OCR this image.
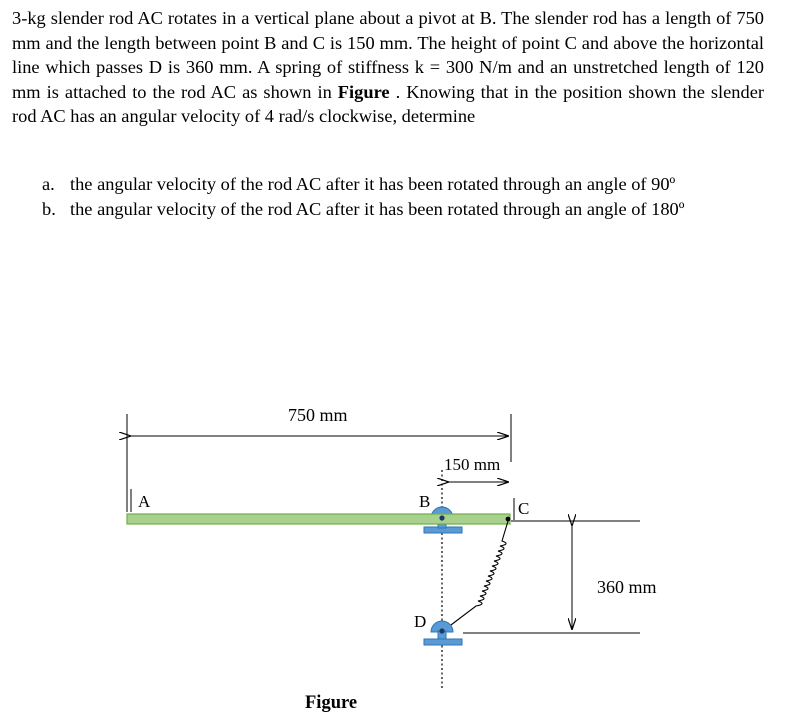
3-kg slender rod AC rotates in a vertical plane about a pivot at B. The slender rod has a length of 750 mm and the length between point B and C is 150 mm. The height of point C and above the horizontal line which passes D is 360 mm. A spring of stiffness k = 300 N/m and an unstretched length of 120 mm is attached to the rod AC as shown in Figure . Knowing that in the position shown the slender rod AC has an angular velocity of 4 rad/s clockwise, determine
a. the angular velocity of the rod AC after it has been rotated through an angle of 90º
b. the angular velocity of the rod AC after it has been rotated through an angle of 180º
750 mm
150 mm
A	B	C
D
360 mm
Figure
